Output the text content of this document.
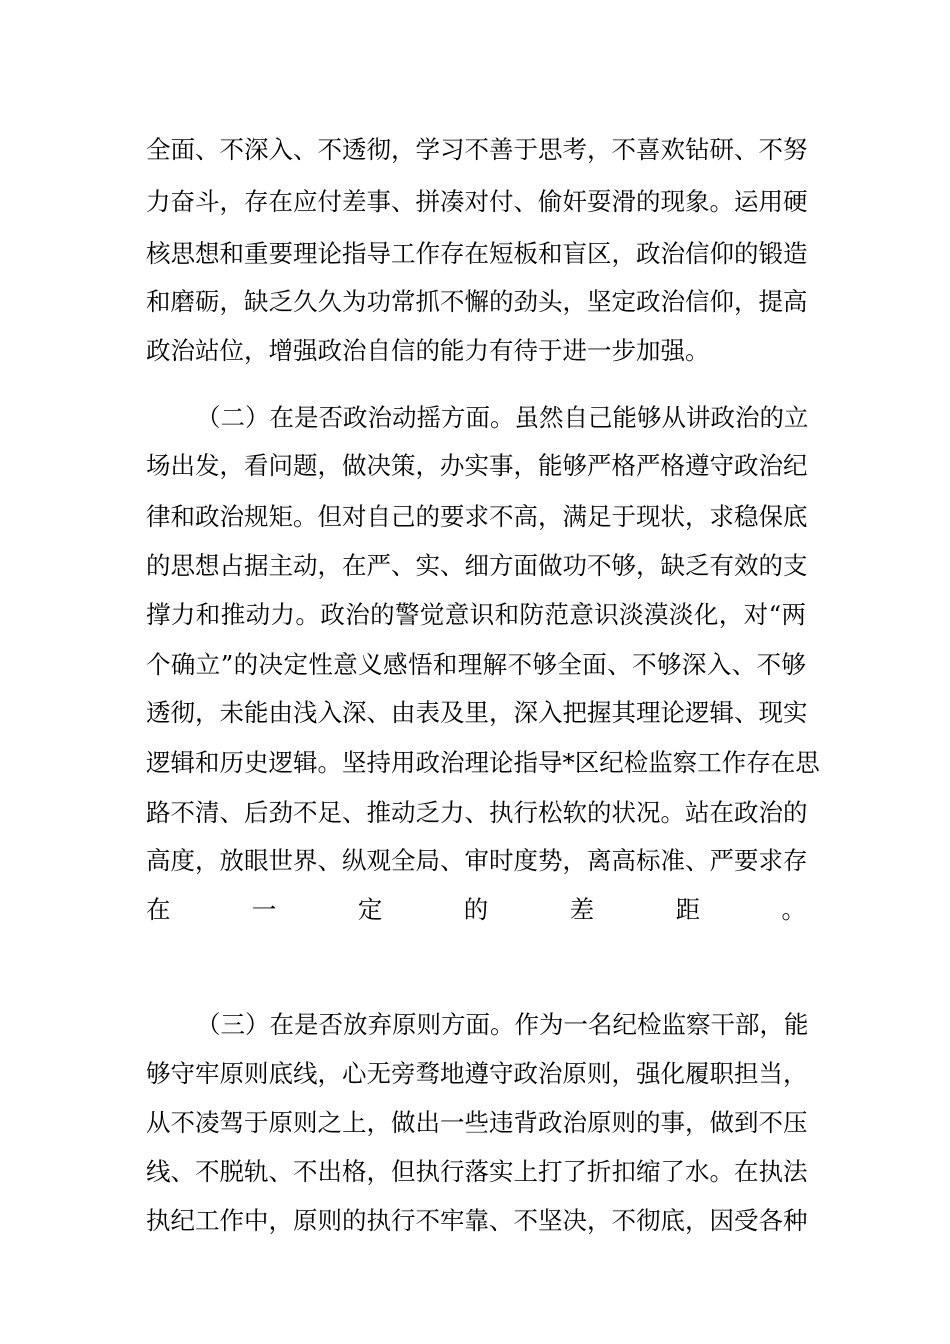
全面、不深入、不透彻，学习不善于思考，不喜欢钻研、不努
力奋斗，存在应付差事、拼凑对付、偷奸耍滑的现象。运用硬
核思想和重要理论指导工作存在短板和盲区，政治信仰的锻造
和磨砺，缺乏久久为功常抓不懈的劲头，坚定政治信仰，提高
政治站位，增强政治自信的能力有待于进一步加强。
（二）在是否政治动摇方面。虽然自己能够从讲政治的立
场出发，看问题，做决策，办实事，能够严格严格遵守政治纪
律和政治规矩。但对自己的要求不高，满足于现状，求稳保底
的思想占据主动，在严、实、细方面做功不够，缺乏有效的支
撑力和推动力。政治的警觉意识和防范意识淡漠淡化，对“两
个确立”的决定性意义感悟和理解不够全面、不够深入、不够
透彻，未能由浅入深、由表及里，深入把握其理论逻辑、现实
逻辑和历史逻辑。坚持用政治理论指导*区纪检监察工作存在思
路不清、后劲不足、推动乏力、执行松软的状况。站在政治的
高度，放眼世界、纵观全局、审时度势，离高标准、严要求存
在一定的差距。
（三）在是否放弃原则方面。作为一名纪检监察干部，能
够守牢原则底线，心无旁骛地遵守政治原则，强化履职担当，
从不凌驾于原则之上，做出一些违背政治原则的事，做到不压
线、不脱轨、不出格，但执行落实上打了折扣缩了水。在执法
执纪工作中，原则的执行不牢靠、不坚决，不彻底，因受各种
